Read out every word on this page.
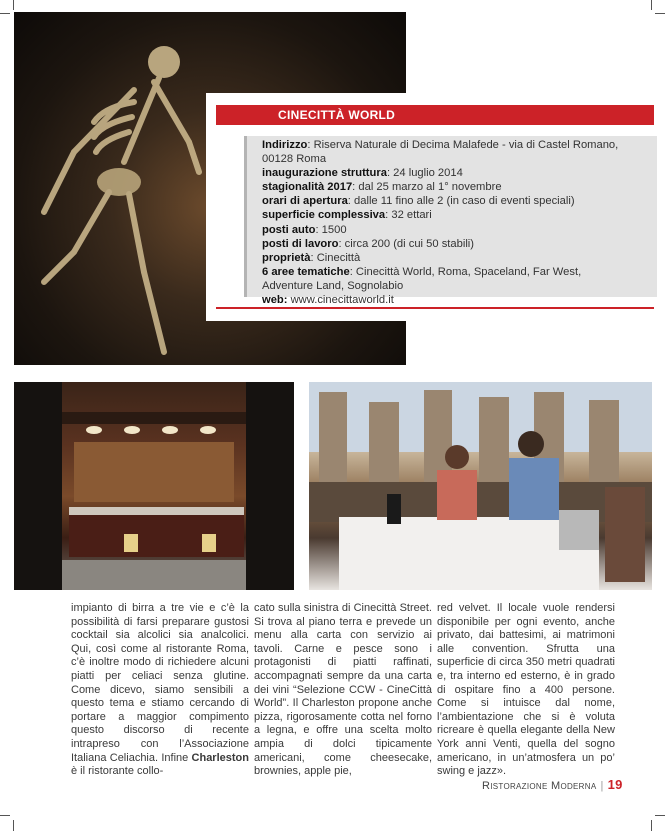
CINECITTÀ WORLD
Indirizzo: Riserva Naturale di Decima Malafede - via di Castel Romano,
00128 Roma
inaugurazione struttura: 24 luglio 2014
stagionalità 2017: dal 25 marzo al 1° novembre
orari di apertura: dalle 11 fino alle 2 (in caso di eventi speciali)
superficie complessiva: 32 ettari
posti auto: 1500
posti di lavoro: circa 200 (di cui 50 stabili)
proprietà: Cinecittà
6 aree tematiche: Cinecittà World, Roma, Spaceland, Far West,
Adventure Land, Sognolabio
web: www.cinecittaworld.it

impianto di birra a tre vie e c’è la possibilità di farsi preparare gustosi cocktail sia alcolici sia analcolici. Qui, così come al ristorante Roma, c’è inoltre modo di richiedere alcuni piatti per celiaci senza glutine. Come dicevo, siamo sensibili a questo tema e stiamo cercando di portare a maggior compimento questo discorso di recente intrapreso con l’Associazione Italiana Celiachia. Infine Charleston è il ristorante collo-

cato sulla sinistra di Cinecittà Street. Si trova al piano terra e prevede un menu alla carta con servizio ai tavoli. Carne e pesce sono i protagonisti di piatti raffinati, accompagnati sempre da una carta dei vini “Selezione CCW - CineCittà World”. Il Charleston propone anche pizza, rigorosamente cotta nel forno a legna, e offre una scelta molto ampia di dolci tipicamente americani, come cheesecake, brownies, apple pie,

red velvet. Il locale vuole rendersi disponibile per ogni evento, anche privato, dai battesimi, ai matrimoni alle convention. Sfrutta una superficie di circa 350 metri quadrati e, tra interno ed esterno, è in grado di ospitare fino a 400 persone. Come si intuisce dal nome, l’ambientazione che si è voluta ricreare è quella elegante della New York anni Venti, quella del sogno americano, in un’atmosfera un po’ swing e jazz».

Ristorazione Moderna | 19
